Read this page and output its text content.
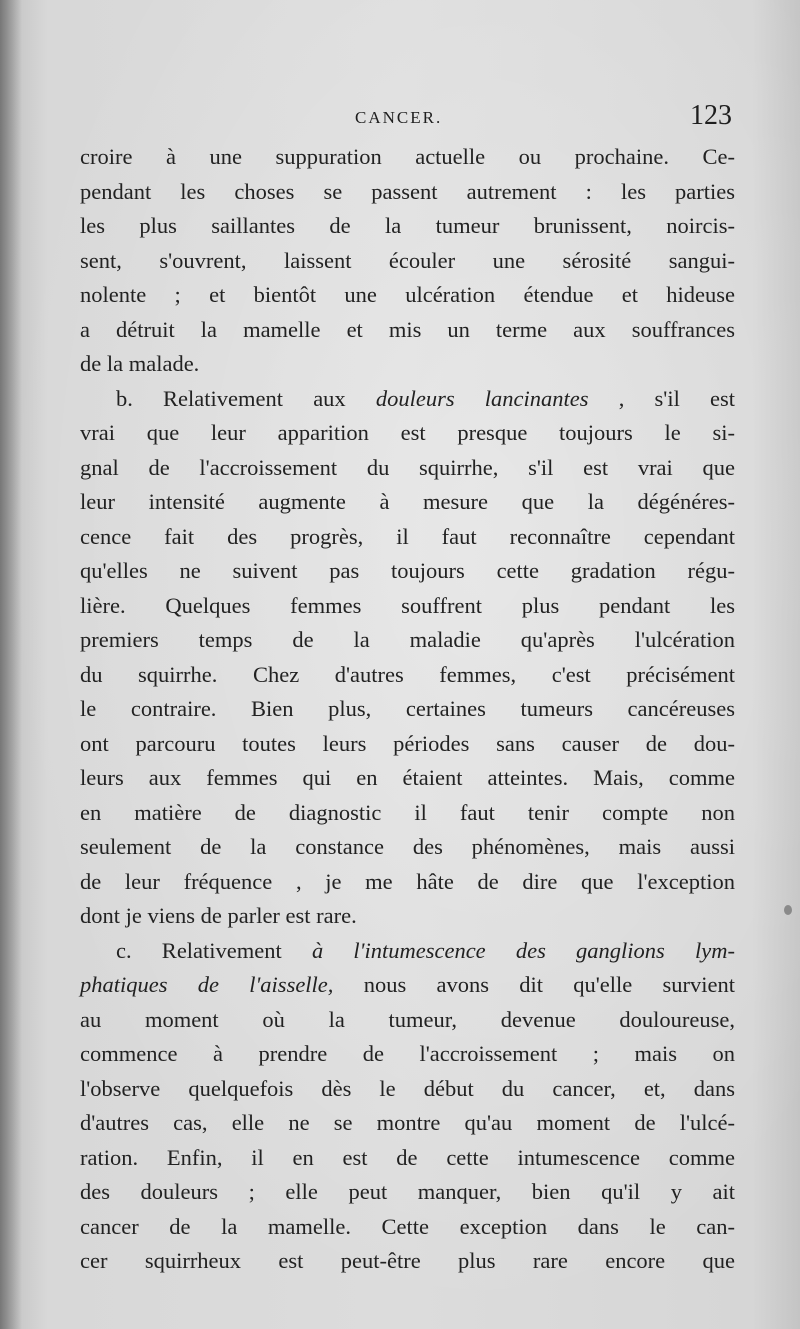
CANCER.	123
croire à une suppuration actuelle ou prochaine. Ce-
pendant les choses se passent autrement : les parties
les plus saillantes de la tumeur brunissent, noircis-
sent, s'ouvrent, laissent écouler une sérosité sangui-
nolente ; et bientôt une ulcération étendue et hideuse
a détruit la mamelle et mis un terme aux souffrances
de la malade.
b. Relativement aux douleurs lancinantes , s'il est
vrai que leur apparition est presque toujours le si-
gnal de l'accroissement du squirrhe, s'il est vrai que
leur intensité augmente à mesure que la dégénéres-
cence fait des progrès, il faut reconnaître cependant
qu'elles ne suivent pas toujours cette gradation régu-
lière. Quelques femmes souffrent plus pendant les
premiers temps de la maladie qu'après l'ulcération
du squirrhe. Chez d'autres femmes, c'est précisément
le contraire. Bien plus, certaines tumeurs cancéreuses
ont parcouru toutes leurs périodes sans causer de dou-
leurs aux femmes qui en étaient atteintes. Mais, comme
en matière de diagnostic il faut tenir compte non
seulement de la constance des phénomènes, mais aussi
de leur fréquence , je me hâte de dire que l'exception
dont je viens de parler est rare.
c. Relativement à l'intumescence des ganglions lym-
phatiques de l'aisselle, nous avons dit qu'elle survient
au moment où la tumeur, devenue douloureuse,
commence à prendre de l'accroissement ; mais on
l'observe quelquefois dès le début du cancer, et, dans
d'autres cas, elle ne se montre qu'au moment de l'ulcé-
ration. Enfin, il en est de cette intumescence comme
des douleurs ; elle peut manquer, bien qu'il y ait
cancer de la mamelle. Cette exception dans le can-
cer squirrheux est peut-être plus rare encore que
